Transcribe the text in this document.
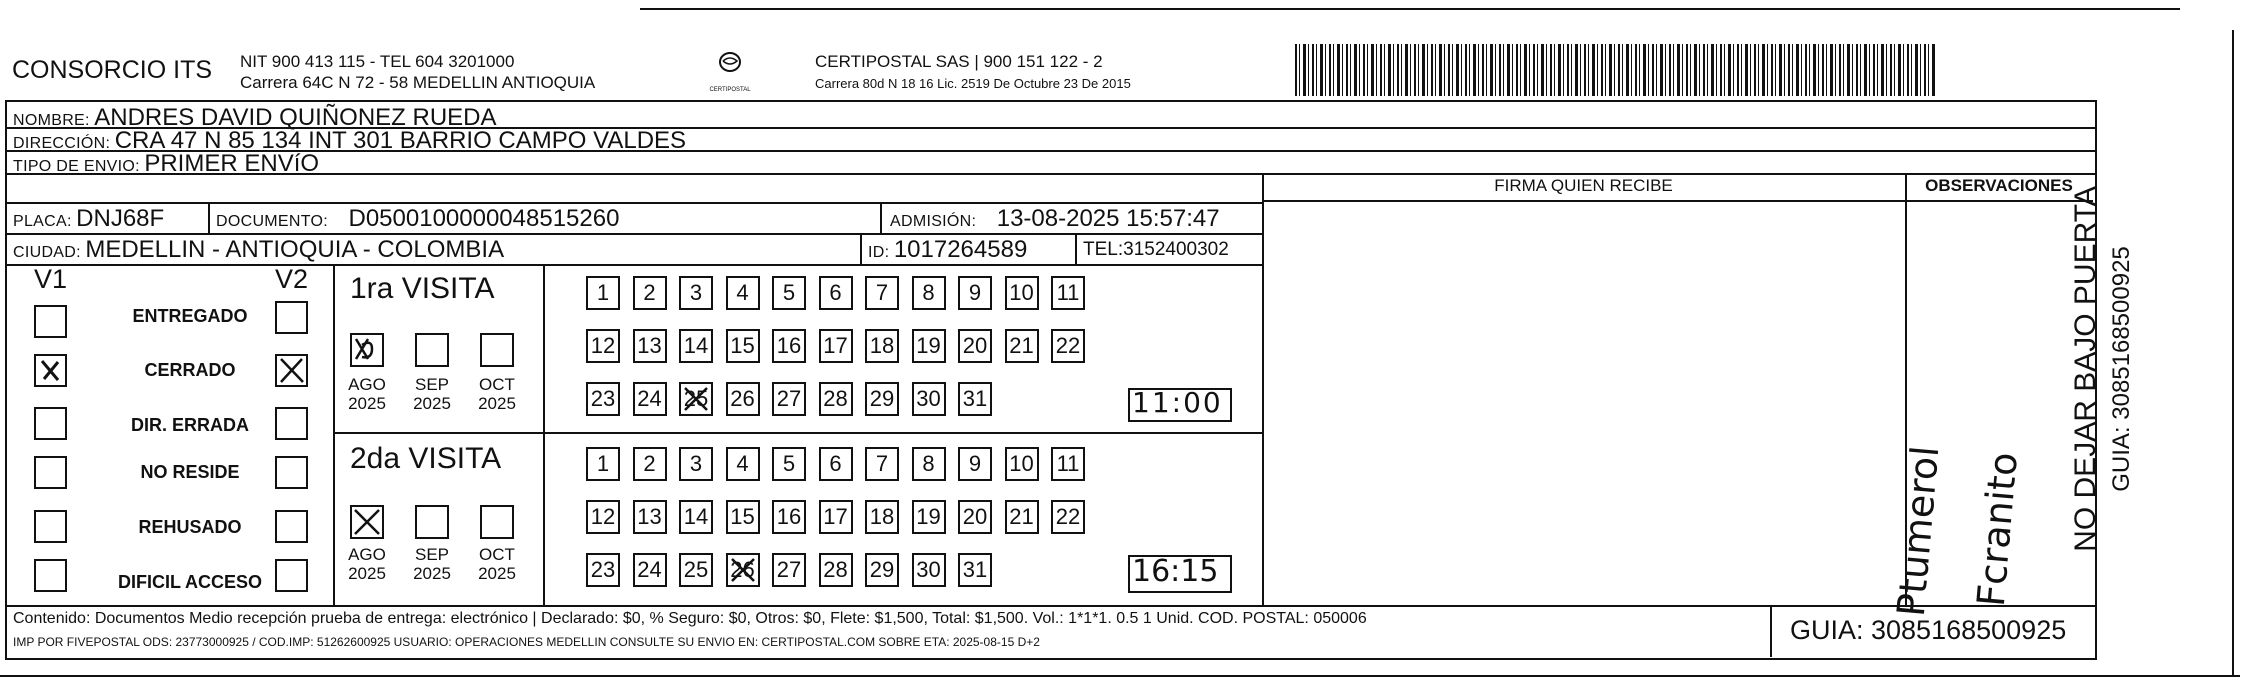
CONSORCIO ITS NIT 900 413 115 - TEL 604 3201000
Carrera 64C N 72 - 58 MEDELLIN ANTIOQUIA	CERTIPOSTAL
CERTIPOSTAL SAS | 900 151 122 - 2
Carrera 80d N 18 16 Lic. 2519 De Octubre 23 De 2015
NOMBRE: ANDRES DAVID QUIÑONEZ RUEDA
DIRECCIÓN: CRA 47 N 85 134 INT 301 BARRIO CAMPO VALDES
TIPO DE ENVIO: PRIMER ENVíO
FIRMA QUIEN RECIBE	OBSERVACIONES
PLACA: DNJ68F	DOCUMENTO: D0500100000048515260	ADMISIÓN: 13-08-2025 15:57:47
CIUDAD: MEDELLIN - ANTIOQUIA - COLOMBIA	ID: 1017264589	TEL:3152400302
V1	V2
ENTREGADO
CERRADO
DIR. ERRADA
NO RESIDE
REHUSADO
DIFICIL ACCESO
1ra VISITA
AGO
2025
SEP
2025
OCT
2025
1	2	3	4	5	6	7	8	9	10 11
12 13 14 15 16 17 18 19 20 21 22
23 24 25 26 27 28 29 30 31	11:00
2da VISITA
AGO
2025
SEP
2025
OCT
2025
1	2	3	4	5	6	7	8	9	10 11
12 13 14 15 16 17 18 19 20 21 22
23 24 25 26 27 28 29 30 31	16:15	Ptumerol Fcranito	NO DEJAR BAJO PUERTA GUIA: 3085168500925
Contenido: Documentos Medio recepción prueba de entrega: electrónico | Declarado: $0, % Seguro: $0, Otros: $0, Flete: $1,500, Total: $1,500. Vol.: 1*1*1. 0.5 1 Unid. COD. POSTAL: 050006
IMP POR FIVEPOSTAL ODS: 23773000925 / COD.IMP: 51262600925 USUARIO: OPERACIONES MEDELLIN CONSULTE SU ENVIO EN: CERTIPOSTAL.COM SOBRE ETA: 2025-08-15 D+2	GUIA: 3085168500925
